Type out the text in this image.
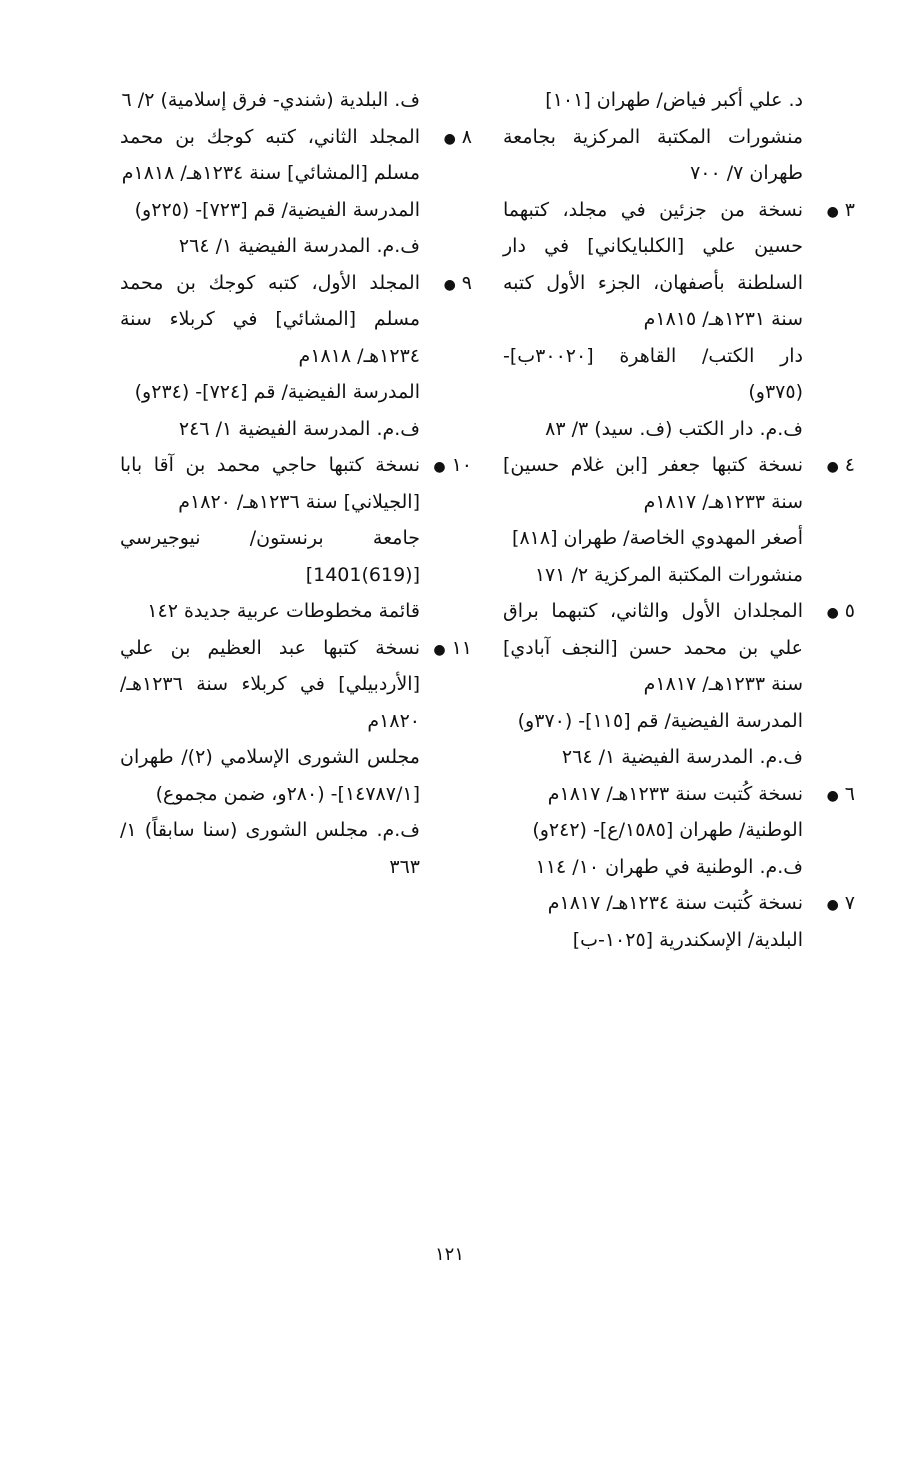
د. علي أكبر فياض/ طهران [١٠١]

منشورات المكتبة المركزية بجامعة طهران ٧/ ٧٠٠

٣●
نسخة من جزئين في مجلد، كتبهما حسين علي [الكلبايكاني] في دار السلطنة بأصفهان، الجزء الأول كتبه سنة ١٢٣١هـ/ ١٨١٥م

دار الكتب/ القاهرة [٣٠٠٢٠ب]- (٣٧٥و)

ف.م. دار الكتب (ف. سيد) ٣/ ٨٣

٤●
نسخة كتبها جعفر [ابن غلام حسين] سنة ١٢٣٣هـ/ ١٨١٧م

أصغر المهدوي الخاصة/ طهران [٨١٨]

منشورات المكتبة المركزية ٢/ ١٧١

٥●
المجلدان الأول والثاني، كتبهما براق علي بن محمد حسن [النجف آبادي] سنة ١٢٣٣هـ/ ١٨١٧م

المدرسة الفيضية/ قم [١١٥]- (٣٧٠و)

ف.م. المدرسة الفيضية ١/ ٢٦٤

٦●
نسخة كُتبت سنة ١٢٣٣هـ/ ١٨١٧م

الوطنية/ طهران [١٥٨٥/ع]- (٢٤٢و)

ف.م. الوطنية في طهران ١٠/ ١١٤

٧●
نسخة كُتبت سنة ١٢٣٤هـ/ ١٨١٧م

البلدية/ الإسكندرية [١٠٢٥-ب]

ف. البلدية (شندي- فرق إسلامية) ٢/ ٦

٨●
المجلد الثاني، كتبه كوجك بن محمد مسلم [المشائي] سنة ١٢٣٤هـ/ ١٨١٨م

المدرسة الفيضية/ قم [٧٢٣]- (٢٢٥و)

ف.م. المدرسة الفيضية ١/ ٢٦٤

٩●
المجلد الأول، كتبه كوجك بن محمد مسلم [المشائي] في كربلاء سنة ١٢٣٤هـ/ ١٨١٨م

المدرسة الفيضية/ قم [٧٢٤]- (٢٣٤و)

ف.م. المدرسة الفيضية ١/ ٢٤٦

١٠●
نسخة كتبها حاجي محمد بن آقا بابا [الجيلاني] سنة ١٢٣٦هـ/ ١٨٢٠م

جامعة برنستون/ نيوجيرسي [(619)1401]

قائمة مخطوطات عربية جديدة ١٤٢

١١●
نسخة كتبها عبد العظيم بن علي [الأردبيلي] في كربلاء سنة ١٢٣٦هـ/ ١٨٢٠م

مجلس الشورى الإسلامي (٢)/ طهران [١٤٧٨٧/١]- (٢٨٠و، ضمن مجموع)

ف.م. مجلس الشورى (سنا سابقاً) ١/ ٣٦٣

١٢١
